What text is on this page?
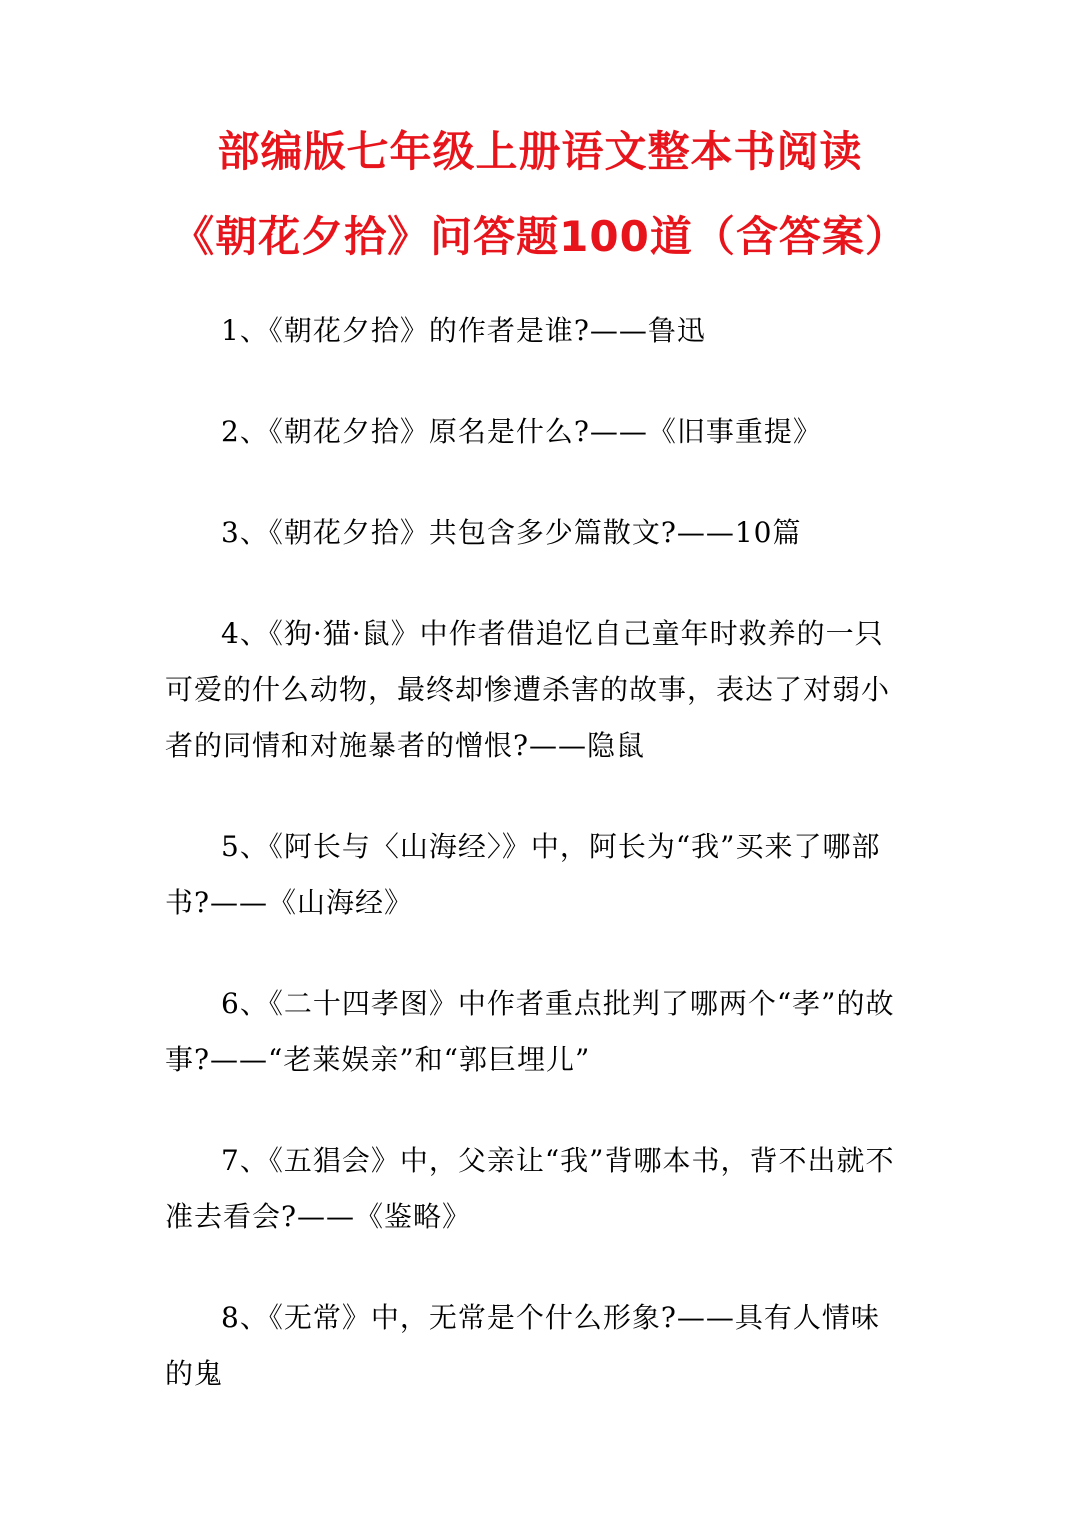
部编版七年级上册语文整本书阅读
《朝花夕拾》问答题100道（含答案）
1、《朝花夕拾》的作者是谁?——鲁迅
2、《朝花夕拾》原名是什么?——《旧事重提》
3、《朝花夕拾》共包含多少篇散文?——10篇
4、《狗·猫·鼠》中作者借追忆自己童年时救养的一只可爱的什么动物，最终却惨遭杀害的故事，表达了对弱小者的同情和对施暴者的憎恨?——隐鼠
5、《阿长与〈山海经〉》中，阿长为“我”买来了哪部书?——《山海经》
6、《二十四孝图》中作者重点批判了哪两个“孝”的故事?——“老莱娱亲”和“郭巨埋儿”
7、《五猖会》中，父亲让“我”背哪本书，背不出就不准去看会?——《鉴略》
8、《无常》中，无常是个什么形象?——具有人情味的鬼
